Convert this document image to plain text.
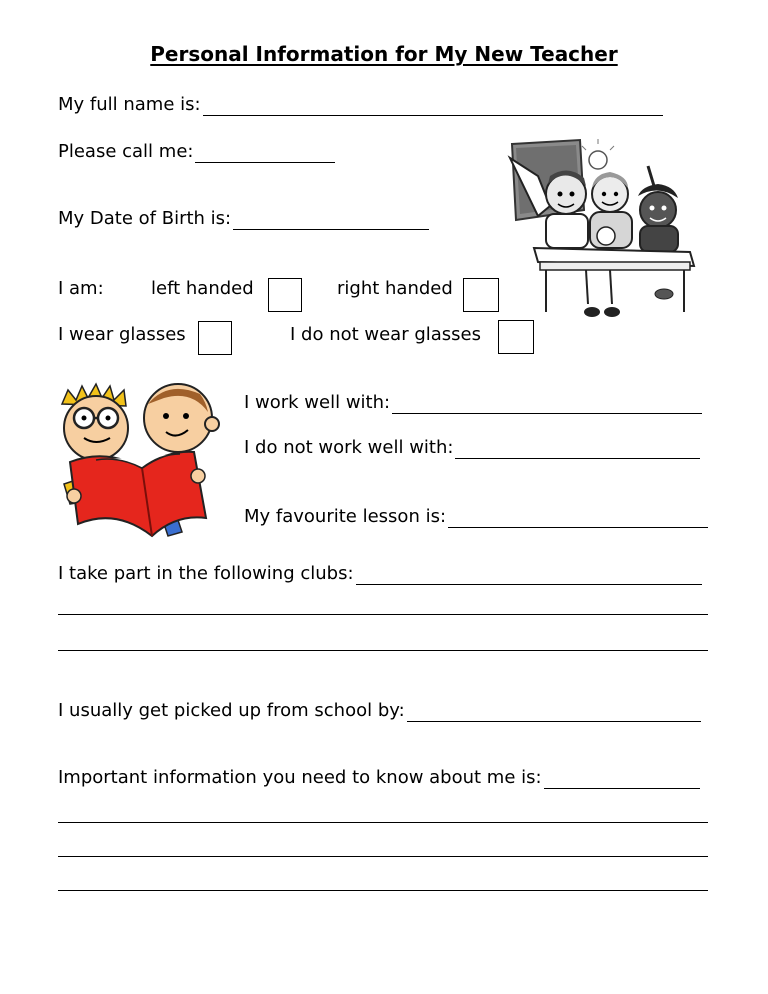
Personal Information for My New Teacher
My full name is:
Please call me:
My Date of Birth is:
I am:	left handed	right handed
I wear glasses	I do not wear glasses
I work well with:
I do not work well with:
My favourite lesson is:
I take part in the following clubs:
I usually get picked up from school by:
Important information you need to know about me is:
